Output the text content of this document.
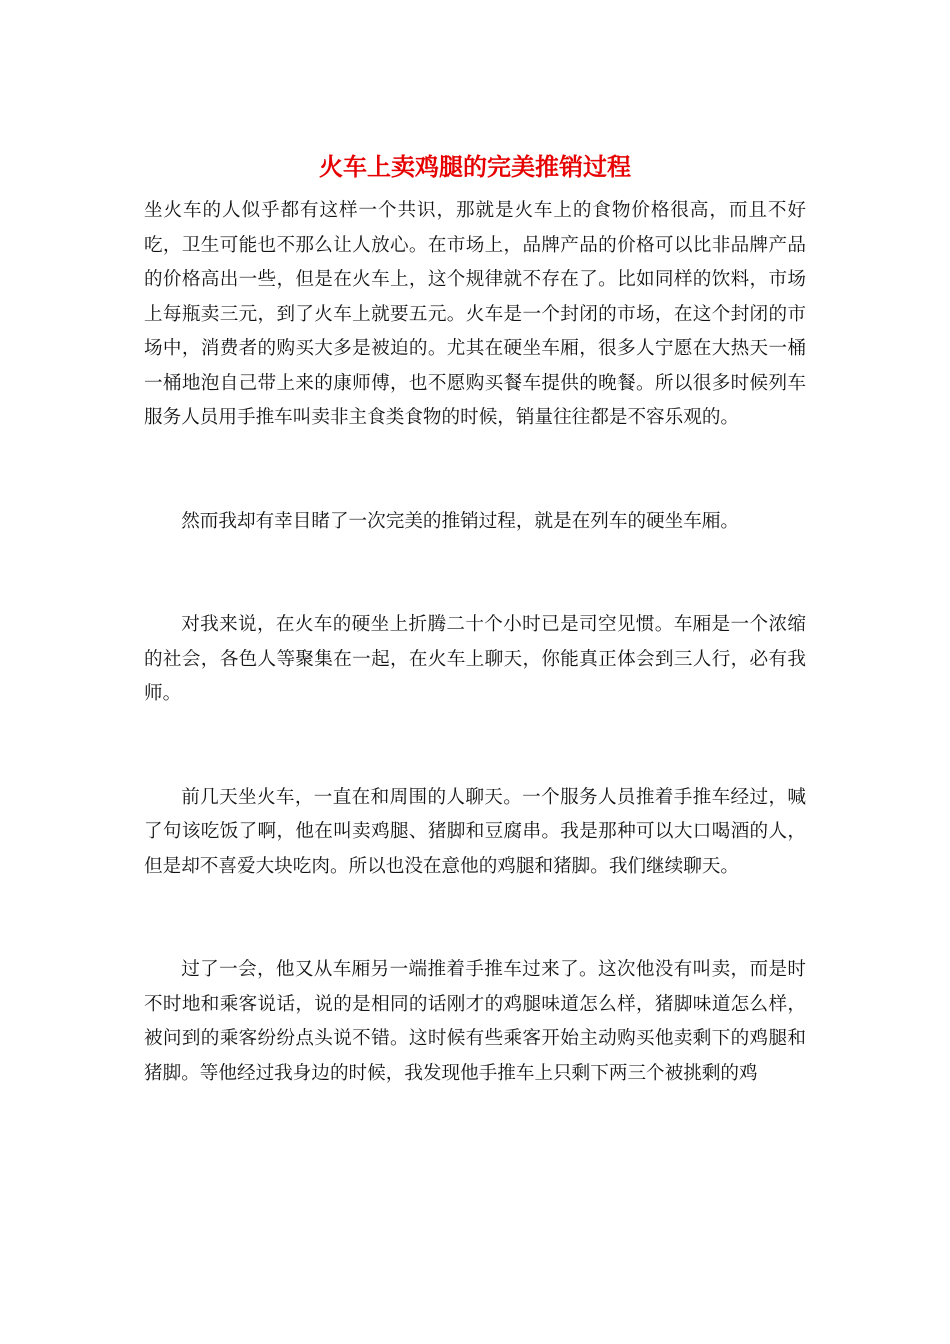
火车上卖鸡腿的完美推销过程

坐火车的人似乎都有这样一个共识，那就是火车上的食物价格很高，而且不好吃，卫生可能也不那么让人放心。在市场上，品牌产品的价格可以比非品牌产品的价格高出一些，但是在火车上，这个规律就不存在了。比如同样的饮料，市场上每瓶卖三元，到了火车上就要五元。火车是一个封闭的市场，在这个封闭的市场中，消费者的购买大多是被迫的。尤其在硬坐车厢，很多人宁愿在大热天一桶一桶地泡自己带上来的康师傅，也不愿购买餐车提供的晚餐。所以很多时候列车服务人员用手推车叫卖非主食类食物的时候，销量往往都是不容乐观的。

然而我却有幸目睹了一次完美的推销过程，就是在列车的硬坐车厢。

对我来说，在火车的硬坐上折腾二十个小时已是司空见惯。车厢是一个浓缩的社会，各色人等聚集在一起，在火车上聊天，你能真正体会到三人行，必有我师。

前几天坐火车，一直在和周围的人聊天。一个服务人员推着手推车经过，喊了句该吃饭了啊，他在叫卖鸡腿、猪脚和豆腐串。我是那种可以大口喝酒的人，但是却不喜爱大块吃肉。所以也没在意他的鸡腿和猪脚。我们继续聊天。

过了一会，他又从车厢另一端推着手推车过来了。这次他没有叫卖，而是时不时地和乘客说话，说的是相同的话刚才的鸡腿味道怎么样，猪脚味道怎么样，被问到的乘客纷纷点头说不错。这时候有些乘客开始主动购买他卖剩下的鸡腿和猪脚。等他经过我身边的时候，我发现他手推车上只剩下两三个被挑剩的鸡
